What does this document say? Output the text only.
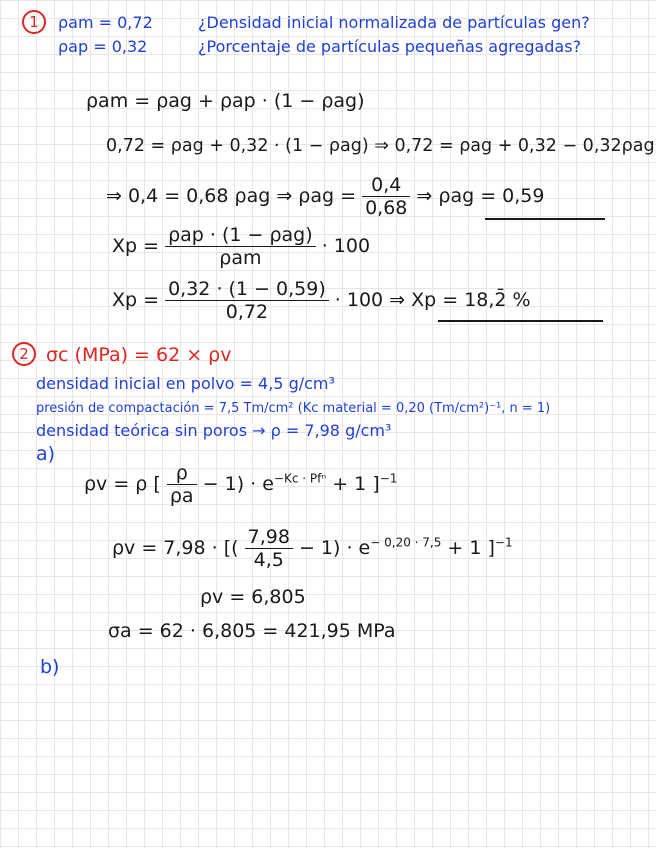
1	ρam = 0,72
ρap = 0,32
¿Densidad inicial normalizada de partículas gen?
¿Porcentaje de partículas pequeñas agregadas?
ρam = ρag + ρap · (1 − ρag)
0,72 = ρag + 0,32 · (1 − ρag) ⇒ 0,72 = ρag + 0,32 − 0,32ρag
⇒ 0,4 = 0,68 ρag ⇒ $\rho ag = \frac{0,4}{0,68}$ ⇒ ρag = 0,59
$Xp = \frac{\text{ρap · (1 − ρag)}}{\text{ρam}} \cdot 100$
$Xp = \frac{0,32 \cdot (1 - 0,59)}{0,72} \cdot 100$ ⇒ Xp = 18,2̄ %
2 σc (MPa) = 62 × ρv
densidad inicial en polvo = 4,5 g/cm³
presión de compactación = 7,5 Tm/cm² (Kc material = 0,20 (Tm/cm²)⁻¹, n = 1)
densidad teórica sin poros → ρ = 7,98 g/cm³
a)
ρv = ρ [ $\frac{\rho}{\rho a} - 1) \cdot e^{-Kc \cdot Pf^n} + 1$ ]$^{-1}$
ρv = 7,98 · [( $\frac{7,98}{4,5} - 1) \cdot e^{- 0,20 \cdot 7,5} + 1$ ]$^{-1}$
ρv = 6,805
σa = 62 · 6,805 = 421,95 MPa
b)
